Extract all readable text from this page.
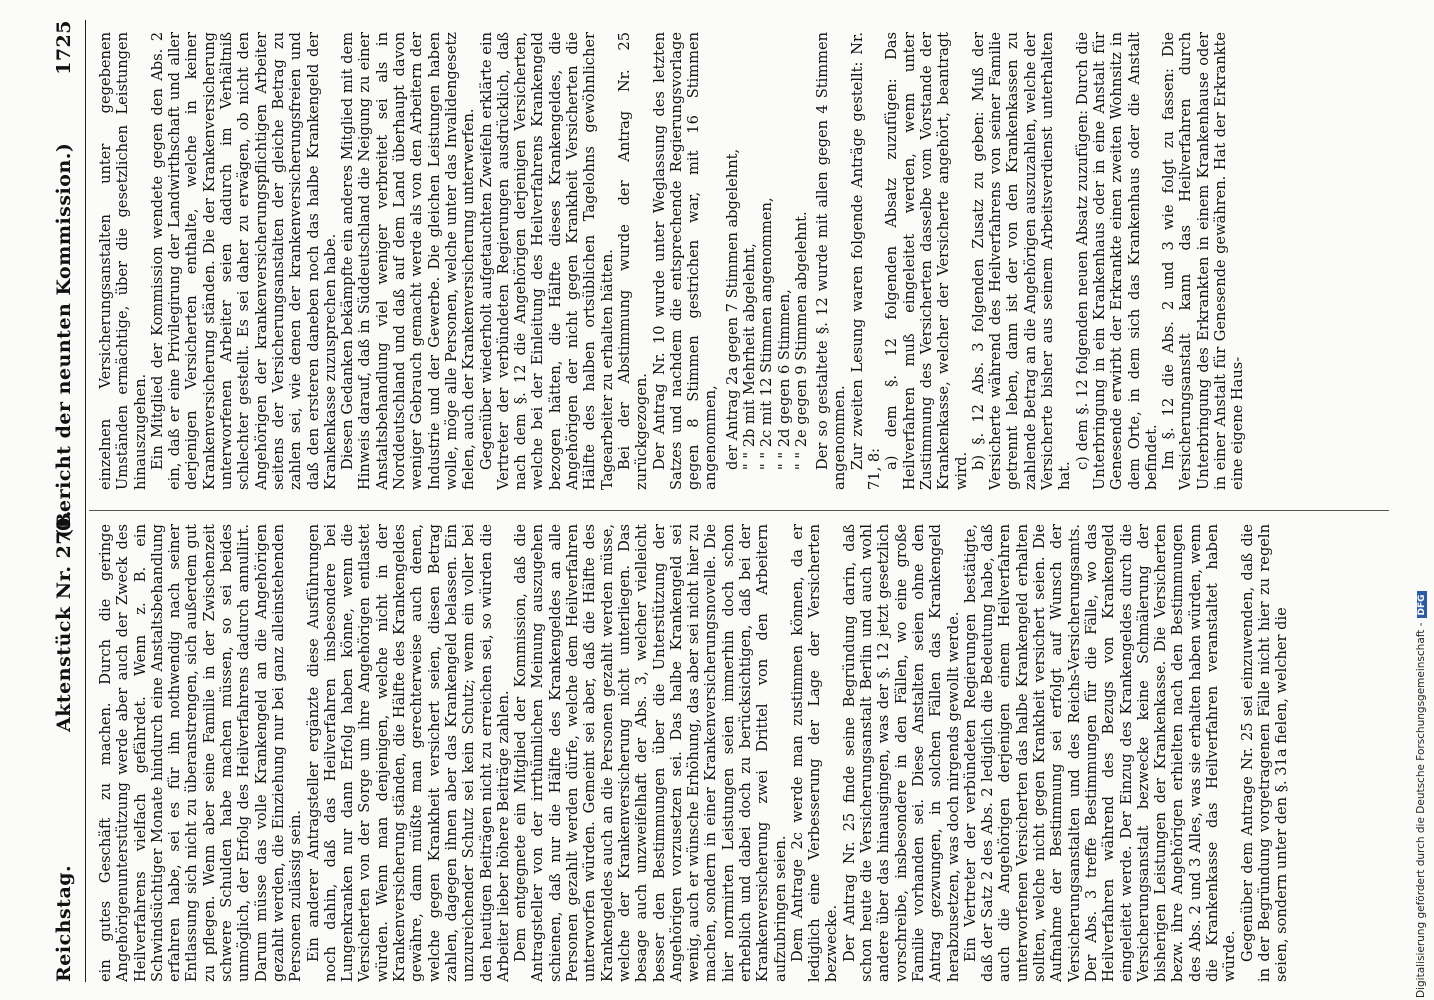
Reichstag.
Aktenstück Nr. 270.
(Bericht der neunten Kommission.)
1725

ein gutes Geschäft zu machen. Durch die geringe Angehörigenunterstützung werde aber auch der Zweck des Heilverfahrens vielfach gefährdet. Wenn z. B. ein Schwindsüchtiger Monate hindurch eine Anstaltsbehandlung erfahren habe, sei es für ihn nothwendig nach seiner Entlassung sich nicht zu überanstrengen, sich außerdem gut zu pflegen. Wenn aber seine Familie in der Zwischenzeit schwere Schulden habe machen müssen, so sei beides unmöglich, der Erfolg des Heilverfahrens dadurch annullirt. Darum müsse das volle Krankengeld an die Angehörigen gezahlt werden, die Einziehung nur bei ganz alleinstehenden Personen zulässig sein. Ein anderer Antragsteller ergänzte diese Ausführungen noch dahin, daß das Heilverfahren insbesondere bei Lungenkranken nur dann Erfolg haben könne, wenn die Versicherten von der Sorge um ihre Angehörigen entlastet würden. Wenn man denjenigen, welche nicht in der Krankenversicherung ständen, die Hälfte des Krankengeldes gewähre, dann müßte man gerechterweise auch denen, welche gegen Krankheit versichert seien, diesen Betrag zahlen, dagegen ihnen aber das Krankengeld belassen. Ein unzureichender Schutz sei kein Schutz; wenn ein voller bei den heutigen Beiträgen nicht zu erreichen sei, so würden die Arbeiter lieber höhere Beiträge zahlen. Dem entgegnete ein Mitglied der Kommission, daß die Antragsteller von der irrthümlichen Meinung auszugehen schienen, daß nur die Hälfte des Krankengeldes an alle Personen gezahlt werden dürfe, welche dem Heilverfahren unterworfen würden. Gemeint sei aber, daß die Hälfte des Krankengeldes auch an die Personen gezahlt werden müsse, welche der Krankenversicherung nicht unterliegen. Das besage auch unzweifelhaft der Abs. 3, welcher vielleicht besser den Bestimmungen über die Unterstützung der Angehörigen vorzusetzen sei. Das halbe Krankengeld sei wenig, auch er wünsche Erhöhung, das aber sei nicht hier zu machen, sondern in einer Krankenversicherungsnovelle. Die hier normirten Leistungen seien immerhin doch schon erheblich und dabei doch zu berücksichtigen, daß bei der Krankenversicherung zwei Drittel von den Arbeitern aufzubringen seien. Dem Antrage 2c werde man zustimmen können, da er lediglich eine Verbesserung der Lage der Versicherten bezwecke. Der Antrag Nr. 25 finde seine Begründung darin, daß schon heute die Versicherungsanstalt Berlin und auch wohl andere über das hinausgingen, was der §. 12 jetzt gesetzlich vorschreibe, insbesondere in den Fällen, wo eine große Familie vorhanden sei. Diese Anstalten seien ohne den Antrag gezwungen, in solchen Fällen das Krankengeld herabzusetzen, was doch nirgends gewollt werde. Ein Vertreter der verbündeten Regierungen bestätigte, daß der Satz 2 des Abs. 2 lediglich die Bedeutung habe, daß auch die Angehörigen derjenigen einem Heilverfahren unterworfenen Versicherten das halbe Krankengeld erhalten sollten, welche nicht gegen Krankheit versichert seien. Die Aufnahme der Bestimmung sei erfolgt auf Wunsch der Versicherungsanstalten und des Reichs-Versicherungsamts. Der Abs. 3 treffe Bestimmungen für die Fälle, wo das Heilverfahren während des Bezugs von Krankengeld eingeleitet werde. Der Einzug des Krankengeldes durch die Versicherungsanstalt bezwecke keine Schmälerung der bisherigen Leistungen der Krankenkasse. Die Versicherten bezw. ihre Angehörigen erhielten nach den Bestimmungen des Abs. 2 und 3 Alles, was sie erhalten haben würden, wenn die Krankenkasse das Heilverfahren veranstaltet haben würde. Gegenüber dem Antrage Nr. 25 sei einzuwenden, daß die in der Begründung vorgetragenen Fälle nicht hier zu regeln seien, sondern unter den §. 31a fielen, welcher die

einzelnen Versicherungsanstalten unter gegebenen Umständen ermächtige, über die gesetzlichen Leistungen hinauszugehen. Ein Mitglied der Kommission wendete gegen den Abs. 2 ein, daß er eine Privilegirung der Landwirthschaft und aller derjenigen Versicherten enthalte, welche in keiner Krankenversicherung ständen. Die der Krankenversicherung unterworfenen Arbeiter seien dadurch im Verhältniß schlechter gestellt. Es sei daher zu erwägen, ob nicht den Angehörigen der krankenversicherungspflichtigen Arbeiter seitens der Versicherungsanstalten der gleiche Betrag zu zahlen sei, wie denen der krankenversicherungsfreien und daß den ersteren daneben noch das halbe Krankengeld der Krankenkasse zuzusprechen habe. Diesen Gedanken bekämpfte ein anderes Mitglied mit dem Hinweis darauf, daß in Süddeutschland die Neigung zu einer Anstaltsbehandlung viel weniger verbreitet sei als in Norddeutschland und daß auf dem Land überhaupt davon weniger Gebrauch gemacht werde als von den Arbeitern der Industrie und der Gewerbe. Die gleichen Leistungen haben wolle, möge alle Personen, welche unter das Invalidengesetz fielen, auch der Krankenversicherung unterwerfen. Gegenüber wiederholt aufgetauchten Zweifeln erklärte ein Vertreter der verbündeten Regierungen ausdrücklich, daß nach dem §. 12 die Angehörigen derjenigen Versicherten, welche bei der Einleitung des Heilverfahrens Krankengeld bezogen hätten, die Hälfte dieses Krankengeldes, die Angehörigen der nicht gegen Krankheit Versicherten die Hälfte des halben ortsüblichen Tagelohns gewöhnlicher Tagearbeiter zu erhalten hätten. Bei der Abstimmung wurde der Antrag Nr. 25 zurückgezogen. Der Antrag Nr. 10 wurde unter Weglassung des letzten Satzes und nachdem die entsprechende Regierungsvorlage gegen 8 Stimmen gestrichen war, mit 16 Stimmen angenommen, der Antrag 2a gegen 7 Stimmen abgelehnt, " " 2b mit Mehrheit abgelehnt, " " 2c mit 12 Stimmen angenommen, " " 2d gegen 6 Stimmen, " " 2e gegen 9 Stimmen abgelehnt. Der so gestaltete §. 12 wurde mit allen gegen 4 Stimmen angenommen. Zur zweiten Lesung waren folgende Anträge gestellt: Nr. 71, 8: a) dem §. 12 folgenden Absatz zuzufügen: Das Heilverfahren muß eingeleitet werden, wenn unter Zustimmung des Versicherten dasselbe vom Vorstande der Krankenkasse, welcher der Versicherte angehört, beantragt wird.

b) §. 12 Abs. 3 folgenden Zusatz zu geben: Muß der Versicherte während des Heilverfahrens von seiner Familie getrennt leben, dann ist der von den Krankenkassen zu zahlende Betrag an die Angehörigen auszuzahlen, welche der Versicherte bisher aus seinem Arbeitsverdienst unterhalten hat.

c) dem §. 12 folgenden neuen Absatz zuzufügen: Durch die Unterbringung in ein Krankenhaus oder in eine Anstalt für Genesende erwirbt der Erkrankte einen zweiten Wohnsitz in dem Orte, in dem sich das Krankenhaus oder die Anstalt befindet. Im §. 12 die Abs. 2 und 3 wie folgt zu fassen: Die Versicherungsanstalt kann das Heilverfahren durch Unterbringung des Erkrankten in einem Krankenhause oder in einer Anstalt für Genesende gewähren. Hat der Erkrankte eine eigene Haus-

Digitalisierung gefördert durch die Deutsche Forschungsgemeinschaft -DFG
